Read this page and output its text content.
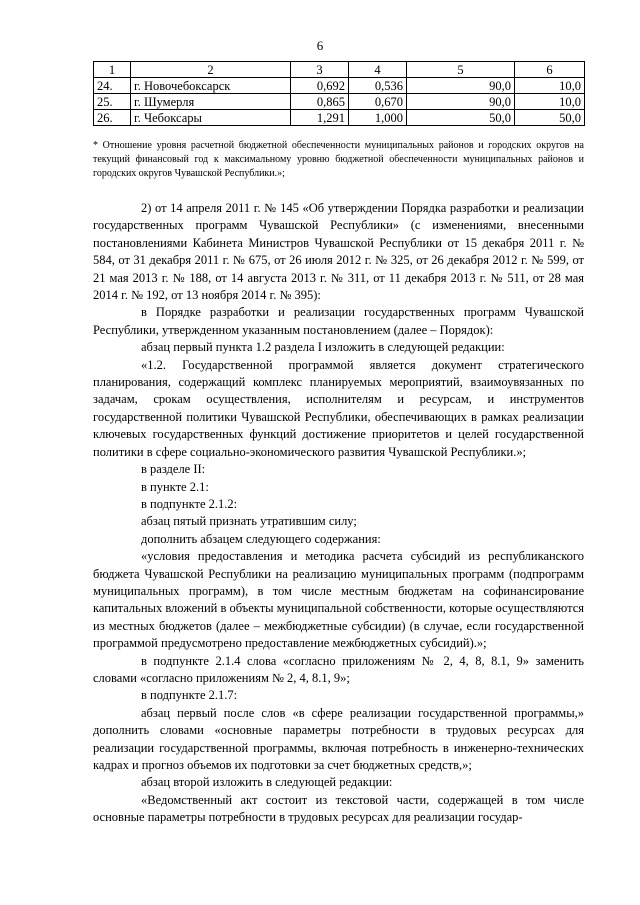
6
1	2	3	4	5	6
24.	г. Новочебоксарск	0,692	0,536	90,0	10,0
25.	г. Шумерля	0,865	0,670	90,0	10,0
26.	г. Чебоксары	1,291	1,000	50,0	50,0
* Отношение уровня расчетной бюджетной обеспеченности муниципальных районов и городских округов на текущий финансовый год к максимальному уровню бюджетной обеспеченности муниципальных районов и городских округов Чувашской Республики.»;

2) от 14 апреля 2011 г. № 145 «Об утверждении Порядка разработки и реализации государственных программ Чувашской Республики» (с изменениями, внесенными постановлениями Кабинета Министров Чувашской Республики от 15 декабря 2011 г. № 584, от 31 декабря 2011 г. № 675, от 26 июля 2012 г. № 325, от 26 декабря 2012 г. № 599, от 21 мая 2013 г. № 188, от 14 августа 2013 г. № 311, от 11 декабря 2013 г. № 511, от 28 мая 2014 г. № 192, от 13 ноября 2014 г. № 395):

в Порядке разработки и реализации государственных программ Чувашской Республики, утвержденном указанным постановлением (далее – Порядок):

абзац первый пункта 1.2 раздела I изложить в следующей редакции:

«1.2. Государственной программой является документ стратегического планирования, содержащий комплекс планируемых мероприятий, взаимоувязанных по задачам, срокам осуществления, исполнителям и ресурсам, и инструментов государственной политики Чувашской Республики, обеспечивающих в рамках реализации ключевых государственных функций достижение приоритетов и целей государственной политики в сфере социально-экономического развития Чувашской Республики.»;

в разделе II:

в пункте 2.1:

в подпункте 2.1.2:

абзац пятый признать утратившим силу;

дополнить абзацем следующего содержания:

«условия предоставления и методика расчета субсидий из республиканского бюджета Чувашской Республики на реализацию муниципальных программ (подпрограмм муниципальных программ), в том числе местным бюджетам на софинансирование капитальных вложений в объекты муниципальной собственности, которые осуществляются из местных бюджетов (далее – межбюджетные субсидии) (в случае, если государственной программой предусмотрено предоставление межбюджетных субсидий).»;

в подпункте 2.1.4 слова «согласно приложениям № 2, 4, 8, 8.1, 9» заменить словами «согласно приложениям № 2, 4, 8.1, 9»;

в подпункте 2.1.7:

абзац первый после слов «в сфере реализации государственной программы,» дополнить словами «основные параметры потребности в трудовых ресурсах для реализации государственной программы, включая потребность в инженерно-технических кадрах и прогноз объемов их подготовки за счет бюджетных средств,»;

абзац второй изложить в следующей редакции:

«Ведомственный акт состоит из текстовой части, содержащей в том числе основные параметры потребности в трудовых ресурсах для реализации государ-
